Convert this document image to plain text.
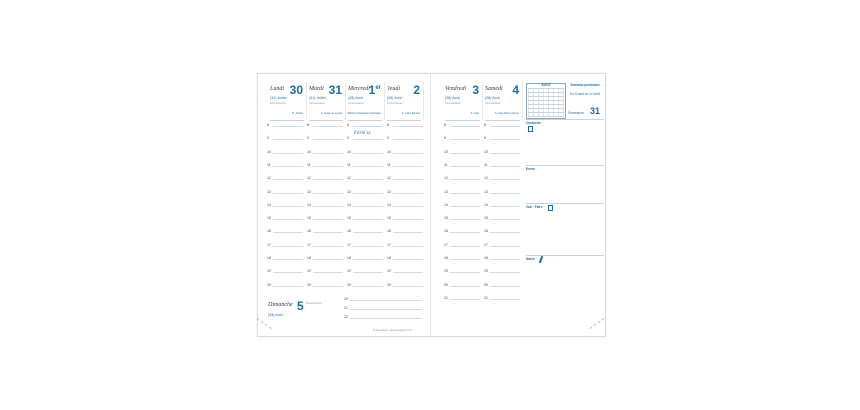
Férié ss
Dimanche 5
(28) Août
Anniversaires
Anniversaires · www.quovadis-fr.com
Lundi 30
(31) Juillet
Anniversaires
St. Juliette
Mardi 31
(31) Juillet
Anniversaires
S. Ignace de Loyola
Mercredi
1er
(28) Août
Anniversaires
(1991) Confédération helvétique
Jeudi 2
(28) Août
Anniversaires
S. Julien Eymard
8	8	8	8
9	9	9	9
10	10	10	10
11	11	11	11
12	12	12	12
13	13	13	13
14	14	14	14
15	15	15	15
16	16	16	16
17	17	17	17
18	18	18	18
19	19	19	19
20	20	20	20
20
21
22
AOÛT	Semaine prochaine
Du 6 août au 12 août
Semaine 31
Contacter
Ecrire
Voir · Faire
Notes
Vendredi 3
(28) Août
Anniversaires
S. Lydie
Samedi 4
(28) Août
Anniversaires
S. Jean-Marie Vianney
8	8
9	9
10	10
11	11
12	12
13	13
14	14
15	15
16	16
17	17
18	18
19	19
20	20
21	21
